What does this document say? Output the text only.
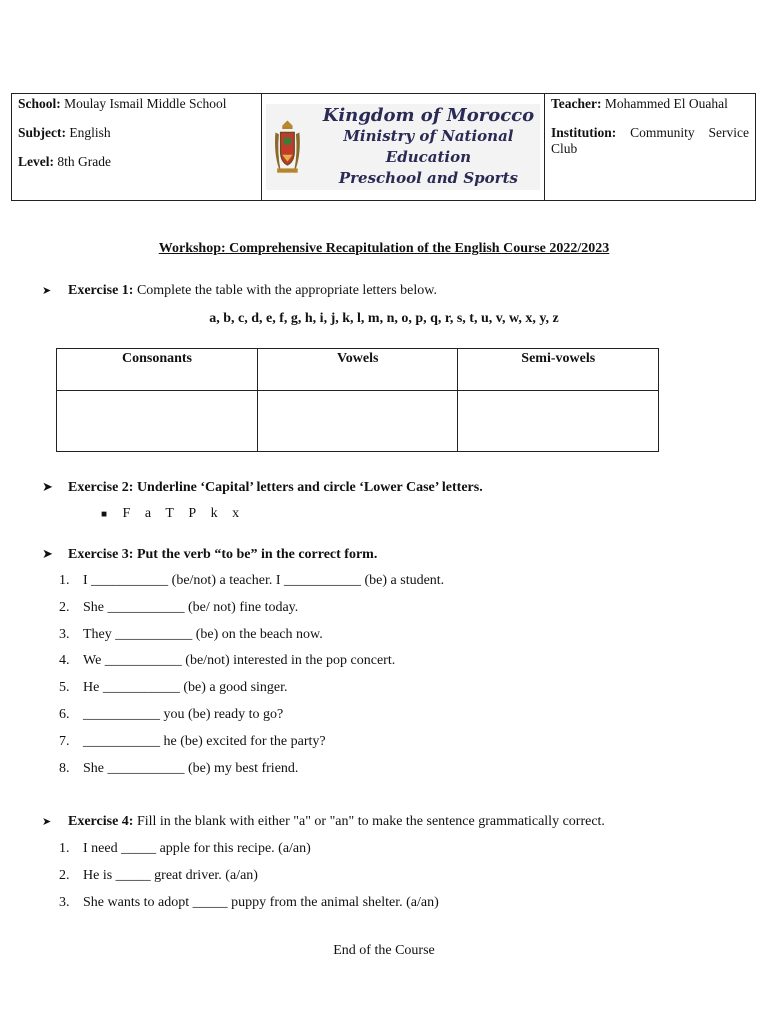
School: Moulay Ismail Middle School
Subject: English
Level: 8th Grade
Kingdom of Morocco
Ministry of National Education
Preschool and Sports
Teacher: Mohammed El Ouahal
Institution: Community Service
Club
Workshop: Comprehensive Recapitulation of the English Course 2022/2023
➤	Exercise 1:
Complete the table with the appropriate letters below.
a, b, c, d, e, f, g, h, i, j, k, l, m, n, o, p, q, r, s, t, u, v, w, x, y, z
Consonants	Vowels	Semi-vowels

➤	Exercise 2: Underline ‘Capital’ letters and circle ‘Lower Case’ letters.
■ F a T P k x
➤	Exercise 3: Put the verb “to be” in the correct form.
1. I ___________ (be/not) a teacher. I ___________ (be) a student.
2. She ___________ (be/ not) fine today.
3. They ___________ (be) on the beach now.
4. We ___________ (be/not) interested in the pop concert.
5. He ___________ (be) a good singer.
6. ___________ you (be) ready to go?
7. ___________ he (be) excited for the party?
8. She ___________ (be) my best friend.
➤	Exercise 4:
Fill in the blank with either "a" or "an" to make the sentence grammatically correct.
1. I need _____ apple for this recipe. (a/an)
2. He is _____ great driver. (a/an)
3. She wants to adopt _____ puppy from the animal shelter. (a/an)
End of the Course
